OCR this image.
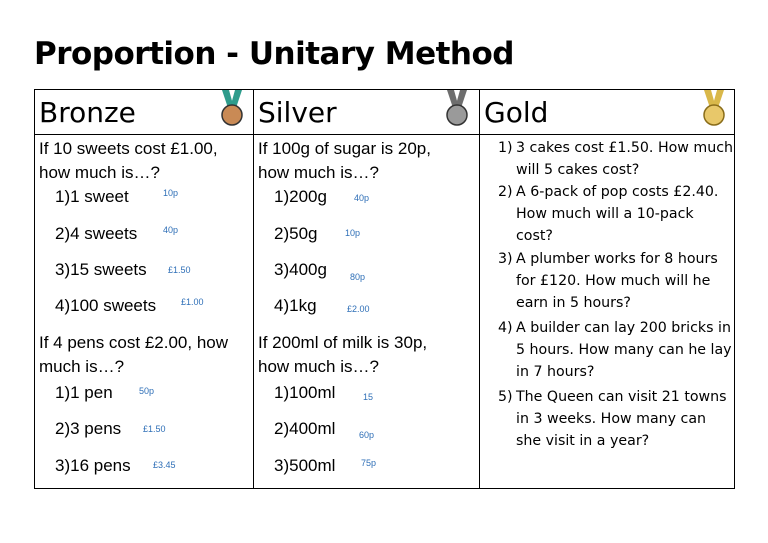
Proportion - Unitary Method
Bronze
If 10 sweets cost £1.00,
how much is…?
1)1 sweet	10p
2)4 sweets	40p
3)15 sweets £1.50
4)100 sweets	£1.00
If 4 pens cost £2.00, how
much is…?
1)1 pen	50p
2)3 pens £1.50
3)16 pens £3.45
Silver
If 100g of sugar is 20p,
how much is…?
1)200g	40p
2)50g	10p
3)400g	80p
4)1kg	£2.00
If 200ml of milk is 30p,
how much is…?
1)100ml	15
2)400ml	60p
3)500ml	75p
Gold
1) 3 cakes cost £1.50. How much will 5 cakes cost?
2) A 6-pack of pop costs £2.40. How much will a 10-pack cost?
3) A plumber works for 8 hours for £120. How much will he earn in 5 hours?
4) A builder can lay 200 bricks in 5 hours. How many can he lay in 7 hours?
5) The Queen can visit 21 towns in 3 weeks. How many can she visit in a year?
